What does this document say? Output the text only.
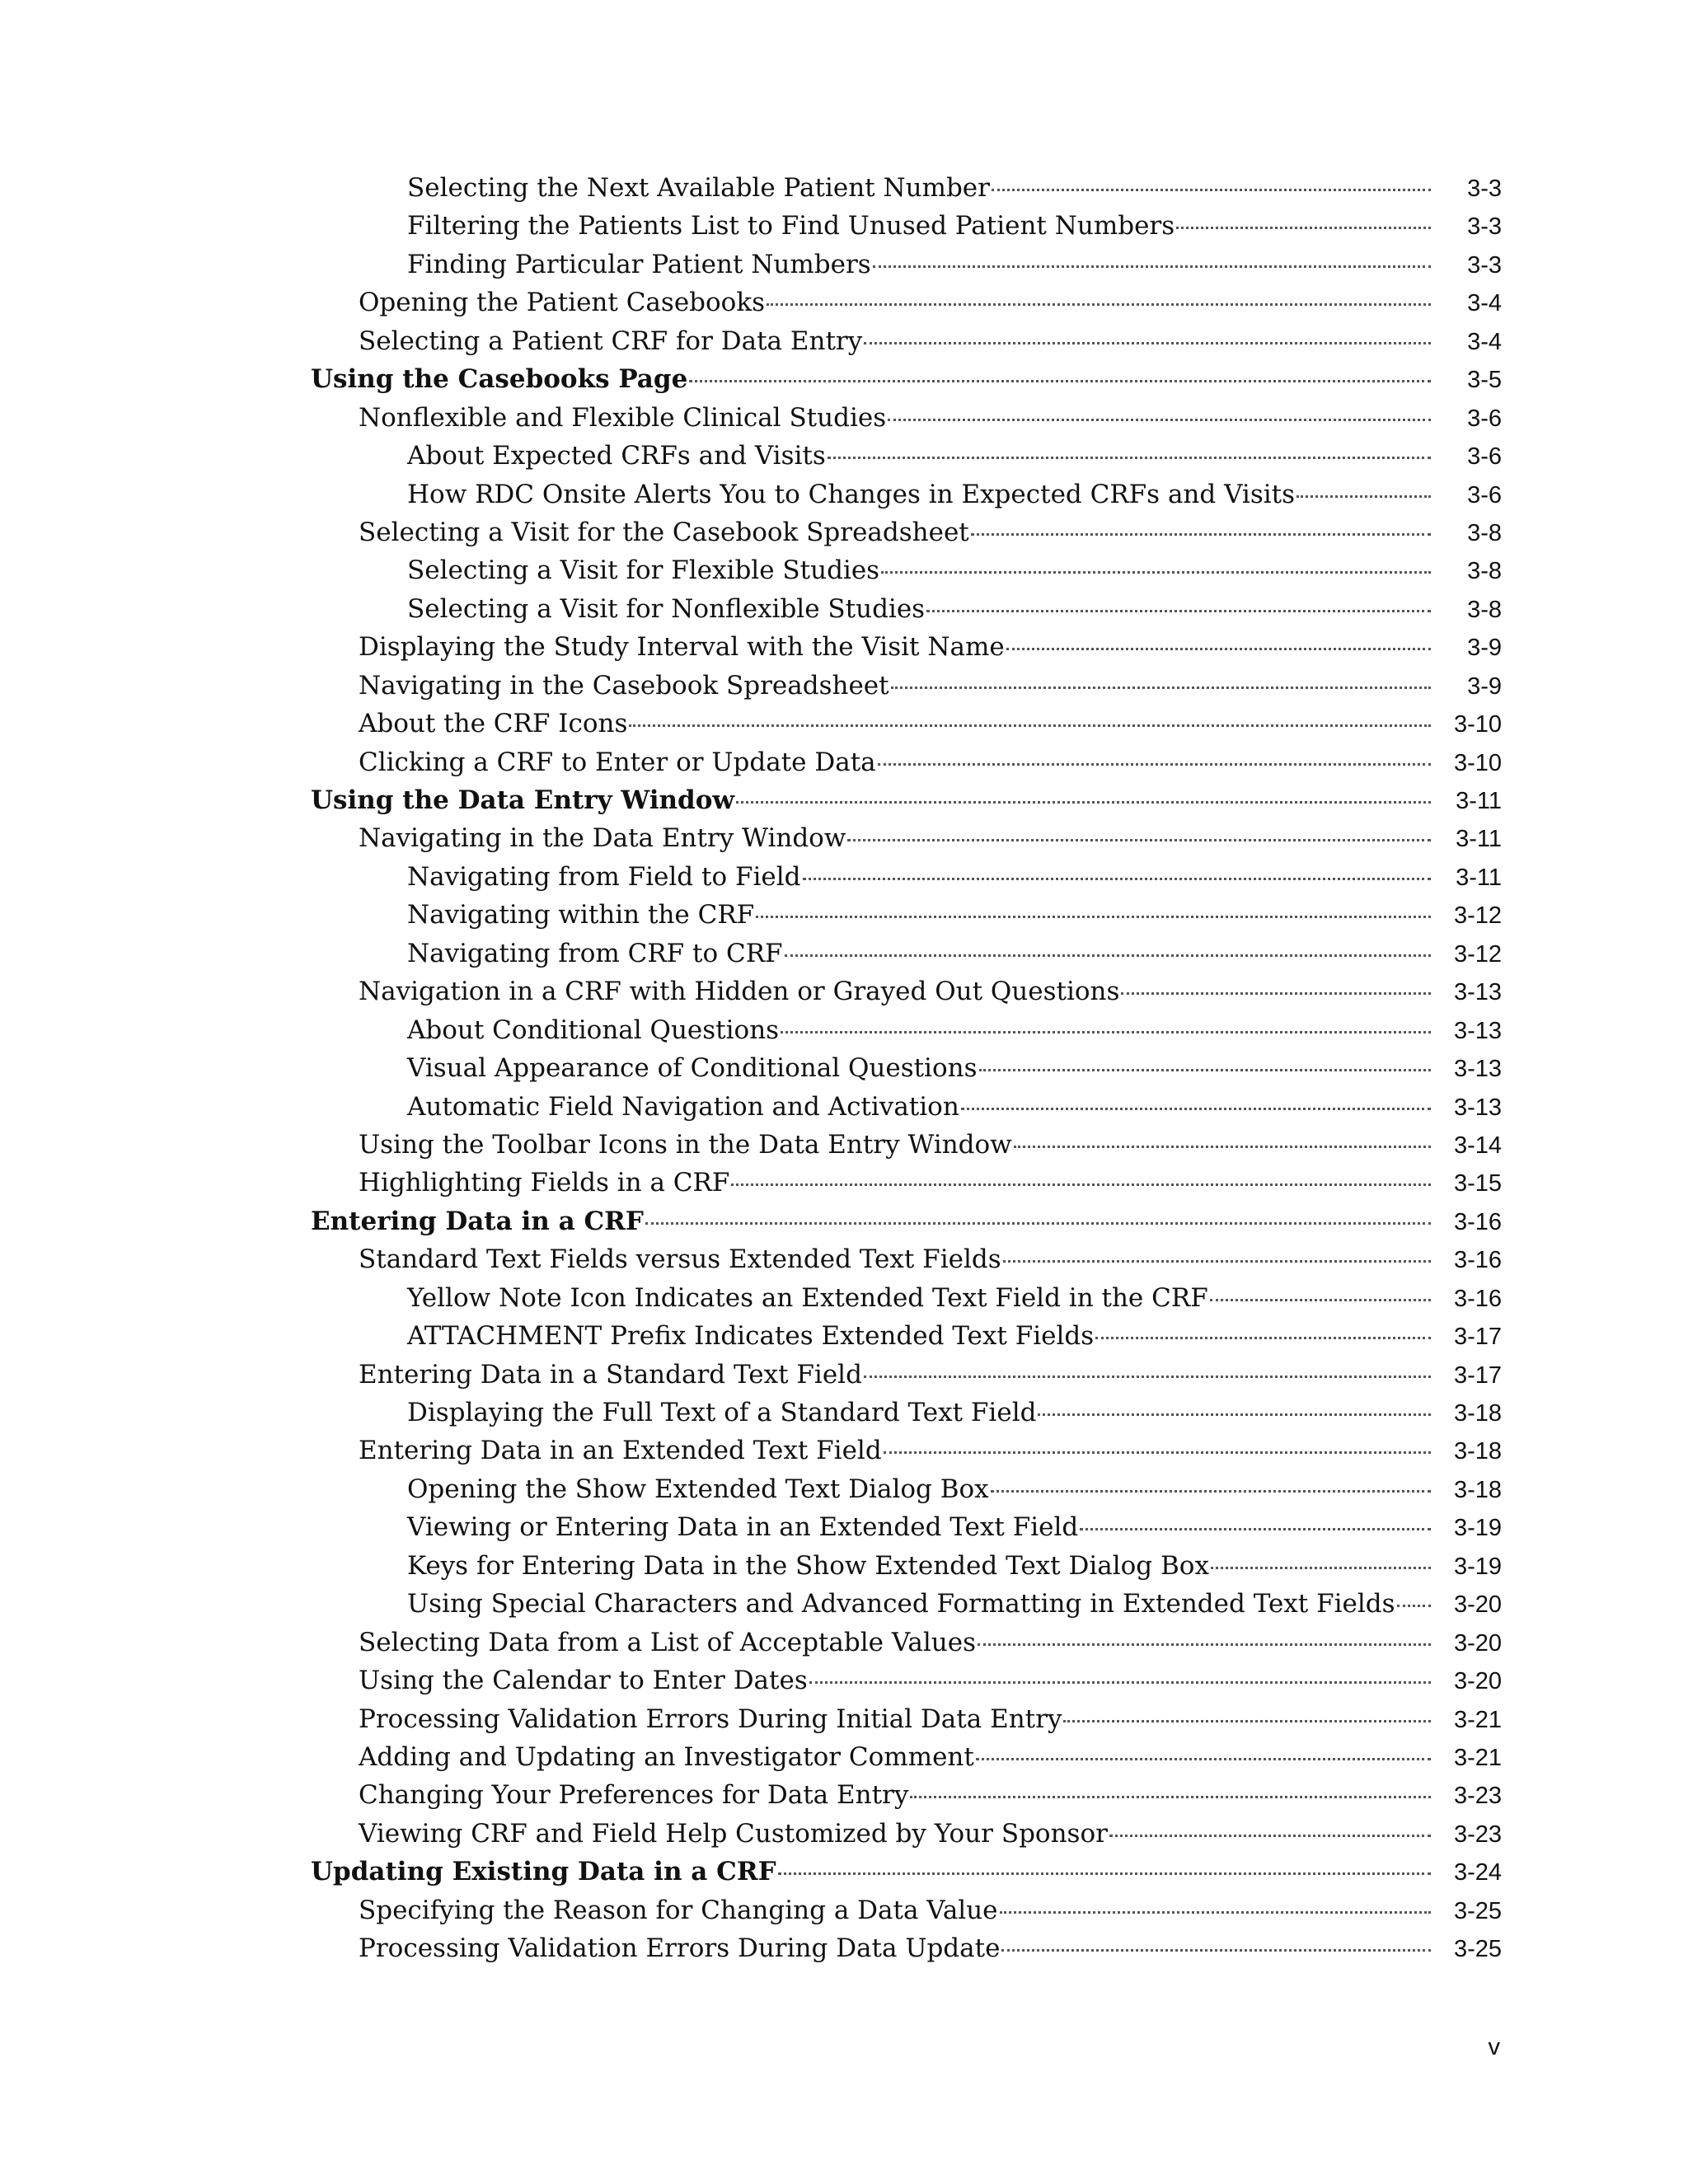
Selecting the Next Available Patient Number	3-3
Filtering the Patients List to Find Unused Patient Numbers	3-3
Finding Particular Patient Numbers	3-3
Opening the Patient Casebooks	3-4
Selecting a Patient CRF for Data Entry	3-4
Using the Casebooks Page	3-5
Nonflexible and Flexible Clinical Studies	3-6
About Expected CRFs and Visits	3-6
How RDC Onsite Alerts You to Changes in Expected CRFs and Visits	3-6
Selecting a Visit for the Casebook Spreadsheet	3-8
Selecting a Visit for Flexible Studies	3-8
Selecting a Visit for Nonflexible Studies	3-8
Displaying the Study Interval with the Visit Name	3-9
Navigating in the Casebook Spreadsheet	3-9
About the CRF Icons	3-10
Clicking a CRF to Enter or Update Data	3-10
Using the Data Entry Window	3-11
Navigating in the Data Entry Window	3-11
Navigating from Field to Field	3-11
Navigating within the CRF	3-12
Navigating from CRF to CRF	3-12
Navigation in a CRF with Hidden or Grayed Out Questions	3-13
About Conditional Questions	3-13
Visual Appearance of Conditional Questions	3-13
Automatic Field Navigation and Activation	3-13
Using the Toolbar Icons in the Data Entry Window	3-14
Highlighting Fields in a CRF	3-15
Entering Data in a CRF	3-16
Standard Text Fields versus Extended Text Fields	3-16
Yellow Note Icon Indicates an Extended Text Field in the CRF	3-16
ATTACHMENT Prefix Indicates Extended Text Fields	3-17
Entering Data in a Standard Text Field	3-17
Displaying the Full Text of a Standard Text Field	3-18
Entering Data in an Extended Text Field	3-18
Opening the Show Extended Text Dialog Box	3-18
Viewing or Entering Data in an Extended Text Field	3-19
Keys for Entering Data in the Show Extended Text Dialog Box	3-19
Using Special Characters and Advanced Formatting in Extended Text Fields	3-20
Selecting Data from a List of Acceptable Values	3-20
Using the Calendar to Enter Dates	3-20
Processing Validation Errors During Initial Data Entry	3-21
Adding and Updating an Investigator Comment	3-21
Changing Your Preferences for Data Entry	3-23
Viewing CRF and Field Help Customized by Your Sponsor	3-23
Updating Existing Data in a CRF	3-24
Specifying the Reason for Changing a Data Value	3-25
Processing Validation Errors During Data Update	3-25
v
